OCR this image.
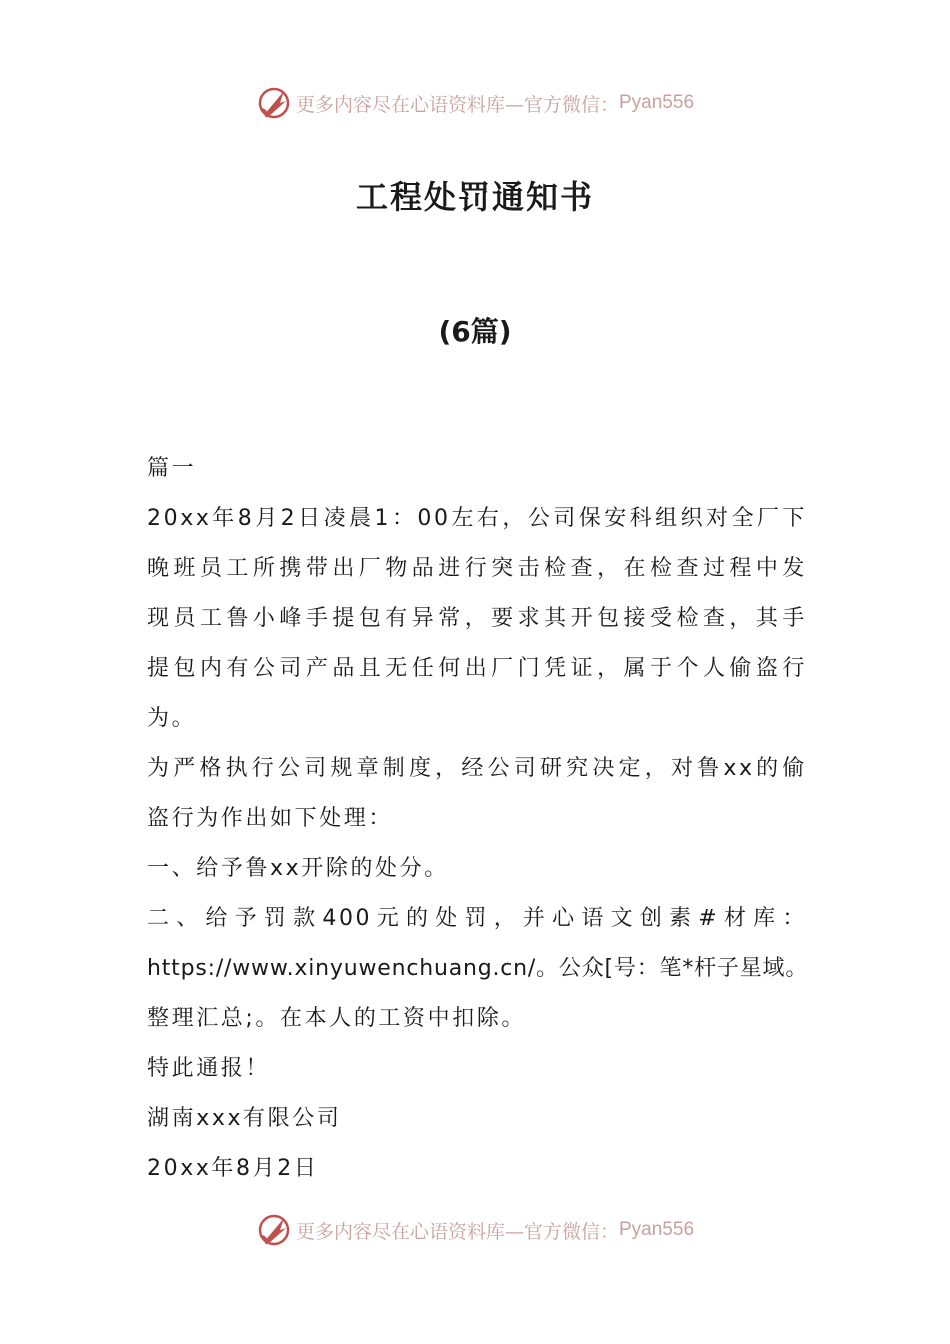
更多内容尽在心语资料库—官方微信： Pyan556
工程处罚通知书
(6篇)

篇一

20xx年8月2日凌晨1：00左右，公司保安科组织对全厂下

晚班员工所携带出厂物品进行突击检查，在检查过程中发

现员工鲁小峰手提包有异常，要求其开包接受检查，其手

提包内有公司产品且无任何出厂门凭证，属于个人偷盗行

为。

为严格执行公司规章制度，经公司研究决定，对鲁xx的偷

盗行为作出如下处理：

一、给予鲁xx开除的处分。

二、给予罚款400元的处罚，并心语文创素#材库：

https://www.xinyuwenchuang.cn/。公众[号：笔*杆子星域。

整理汇总;。在本人的工资中扣除。

特此通报！

湖南xxx有限公司

20xx年8月2日

更多内容尽在心语资料库—官方微信： Pyan556
